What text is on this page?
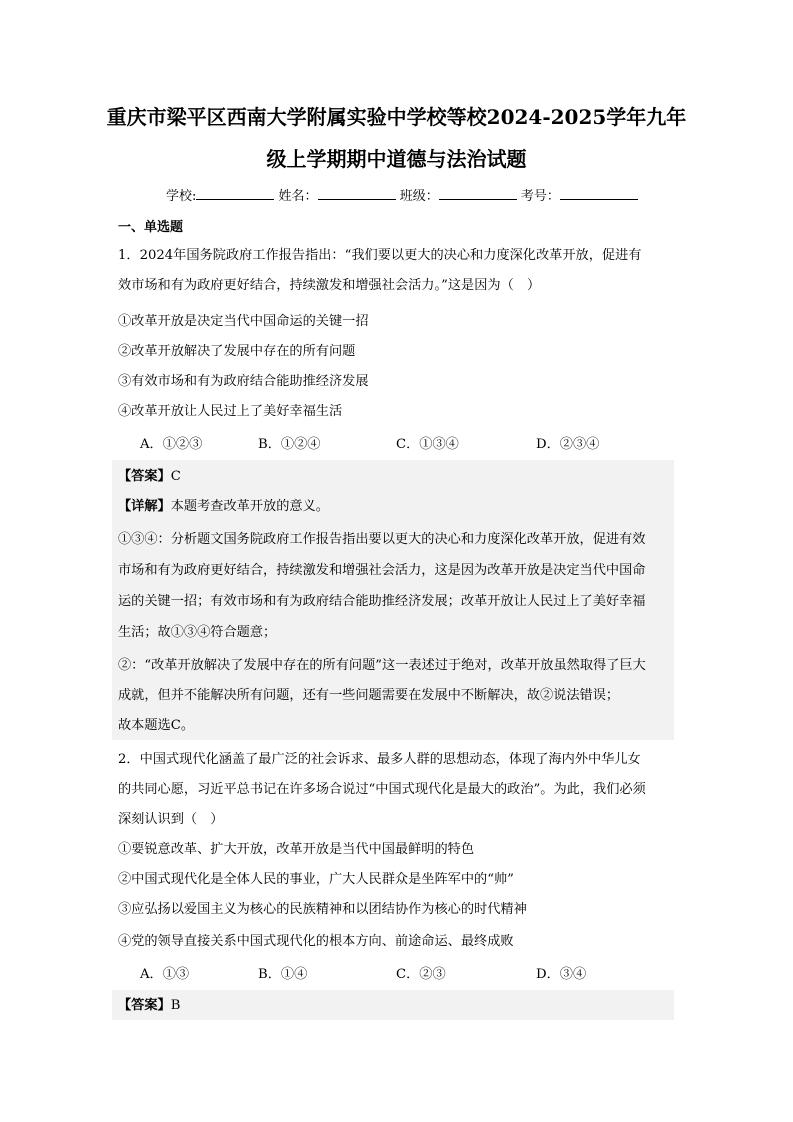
重庆市梁平区西南大学附属实验中学校等校2024-2025学年九年
级上学期期中道德与法治试题
学校:	姓名：	班级：	考号：
一、单选题
1．2024年国务院政府工作报告指出：“我们要以更大的决心和力度深化改革开放，促进有
效市场和有为政府更好结合，持续激发和增强社会活力。”这是因为（　）
①改革开放是决定当代中国命运的关键一招
②改革开放解决了发展中存在的所有问题
③有效市场和有为政府结合能助推经济发展
④改革开放让人民过上了美好幸福生活
A．①②③	B．①②④	C．①③④	D．②③④
【答案】C
【详解】本题考查改革开放的意义。
①③④：分析题文国务院政府工作报告指出要以更大的决心和力度深化改革开放，促进有效
市场和有为政府更好结合，持续激发和增强社会活力，这是因为改革开放是决定当代中国命
运的关键一招；有效市场和有为政府结合能助推经济发展；改革开放让人民过上了美好幸福
生活；故①③④符合题意；
②：“改革开放解决了发展中存在的所有问题”这一表述过于绝对，改革开放虽然取得了巨大
成就，但并不能解决所有问题，还有一些问题需要在发展中不断解决，故②说法错误；
故本题选C。
2．中国式现代化涵盖了最广泛的社会诉求、最多人群的思想动态，体现了海内外中华儿女
的共同心愿，习近平总书记在许多场合说过“中国式现代化是最大的政治”。为此，我们必须
深刻认识到（　）
①要锐意改革、扩大开放，改革开放是当代中国最鲜明的特色
②中国式现代化是全体人民的事业，广大人民群众是坐阵军中的“帅”
③应弘扬以爱国主义为核心的民族精神和以团结协作为核心的时代精神
④党的领导直接关系中国式现代化的根本方向、前途命运、最终成败
A．①③	B．①④	C．②③	D．③④
【答案】B
